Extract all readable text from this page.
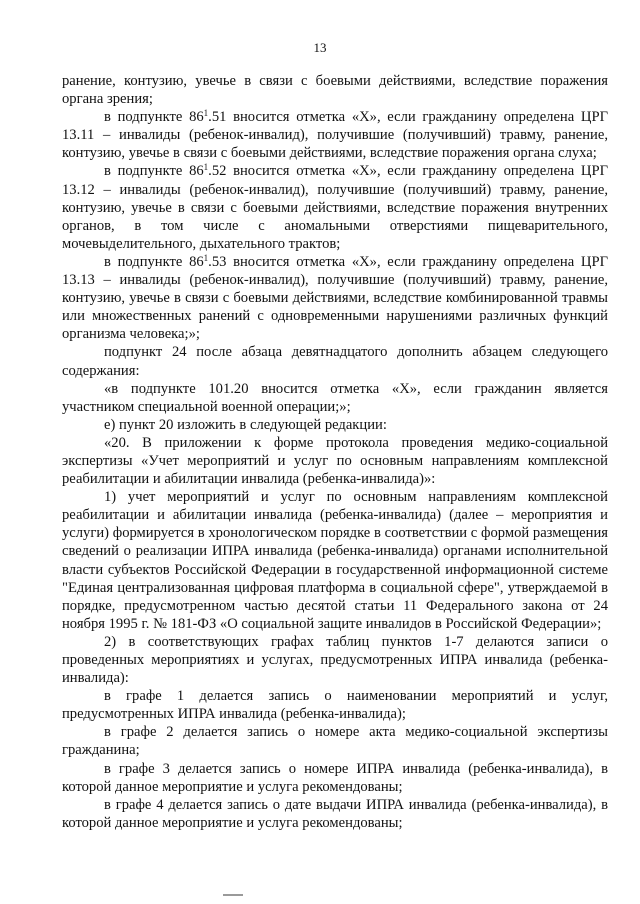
13

ранение, контузию, увечье в связи с боевыми действиями, вследствие поражения органа зрения;

в подпункте $86^1.51$ вносится отметка «X», если гражданину определена ЦРГ 13.11 – инвалиды (ребенок-инвалид), получившие (получивший) травму, ранение, контузию, увечье в связи с боевыми действиями, вследствие поражения органа слуха;

в подпункте $86^1.52$ вносится отметка «X», если гражданину определена ЦРГ 13.12 – инвалиды (ребенок-инвалид), получившие (получивший) травму, ранение, контузию, увечье в связи с боевыми действиями, вследствие поражения внутренних органов, в том числе с аномальными отверстиями пищеварительного, мочевыделительного, дыхательного трактов;

в подпункте $86^1.53$ вносится отметка «X», если гражданину определена ЦРГ 13.13 – инвалиды (ребенок-инвалид), получившие (получивший) травму, ранение, контузию, увечье в связи с боевыми действиями, вследствие комбинированной травмы или множественных ранений с одновременными нарушениями различных функций организма человека;»;

подпункт 24 после абзаца девятнадцатого дополнить абзацем следующего содержания:

«в подпункте 101.20 вносится отметка «X», если гражданин является участником специальной военной операции;»;

е) пункт 20 изложить в следующей редакции:

«20. В приложении к форме протокола проведения медико-социальной экспертизы «Учет мероприятий и услуг по основным направлениям комплексной реабилитации и абилитации инвалида (ребенка-инвалида)»:

1) учет мероприятий и услуг по основным направлениям комплексной реабилитации и абилитации инвалида (ребенка-инвалида) (далее – мероприятия и услуги) формируется в хронологическом порядке в соответствии с формой размещения сведений о реализации ИПРА инвалида (ребенка-инвалида) органами исполнительной власти субъектов Российской Федерации в государственной информационной системе "Единая централизованная цифровая платформа в социальной сфере", утверждаемой в порядке, предусмотренном частью десятой статьи 11 Федерального закона от 24 ноября 1995 г. № 181-ФЗ «О социальной защите инвалидов в Российской Федерации»;

2) в соответствующих графах таблиц пунктов 1-7 делаются записи о проведенных мероприятиях и услугах, предусмотренных ИПРА инвалида (ребенка-инвалида):

в графе 1 делается запись о наименовании мероприятий и услуг, предусмотренных ИПРА инвалида (ребенка-инвалида);

в графе 2 делается запись о номере акта медико-социальной экспертизы гражданина;

в графе 3 делается запись о номере ИПРА инвалида (ребенка-инвалида), в которой данное мероприятие и услуга рекомендованы;

в графе 4 делается запись о дате выдачи ИПРА инвалида (ребенка-инвалида), в которой данное мероприятие и услуга рекомендованы;
